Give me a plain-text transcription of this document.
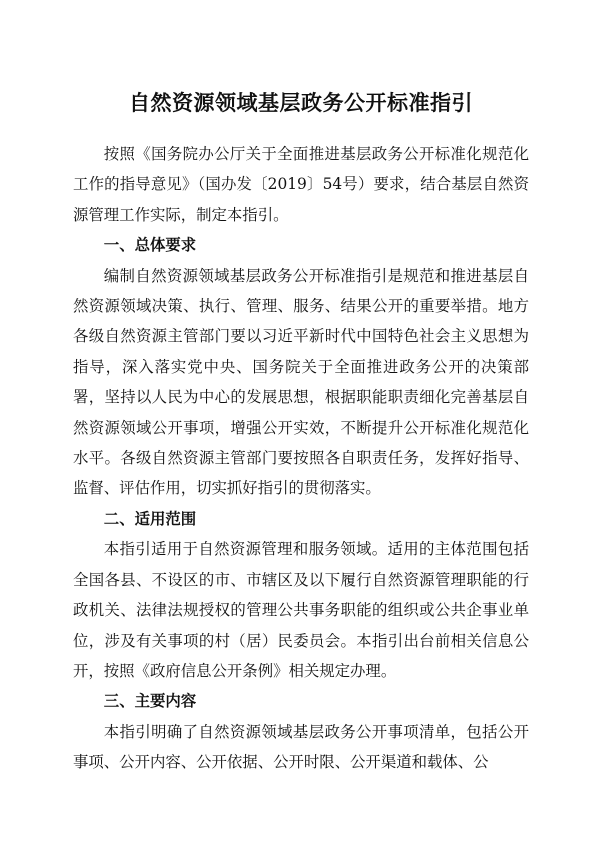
自然资源领域基层政务公开标准指引

按照《国务院办公厅关于全面推进基层政务公开标准化规范化工作的指导意见》（国办发〔2019〕54号）要求，结合基层自然资源管理工作实际，制定本指引。

一、总体要求

编制自然资源领域基层政务公开标准指引是规范和推进基层自然资源领域决策、执行、管理、服务、结果公开的重要举措。地方各级自然资源主管部门要以习近平新时代中国特色社会主义思想为指导，深入落实党中央、国务院关于全面推进政务公开的决策部署，坚持以人民为中心的发展思想，根据职能职责细化完善基层自然资源领域公开事项，增强公开实效，不断提升公开标准化规范化水平。各级自然资源主管部门要按照各自职责任务，发挥好指导、监督、评估作用，切实抓好指引的贯彻落实。

二、适用范围

本指引适用于自然资源管理和服务领域。适用的主体范围包括全国各县、不设区的市、市辖区及以下履行自然资源管理职能的行政机关、法律法规授权的管理公共事务职能的组织或公共企事业单位，涉及有关事项的村（居）民委员会。本指引出台前相关信息公开，按照《政府信息公开条例》相关规定办理。

三、主要内容

本指引明确了自然资源领域基层政务公开事项清单，包括公开事项、公开内容、公开依据、公开时限、公开渠道和载体、公
